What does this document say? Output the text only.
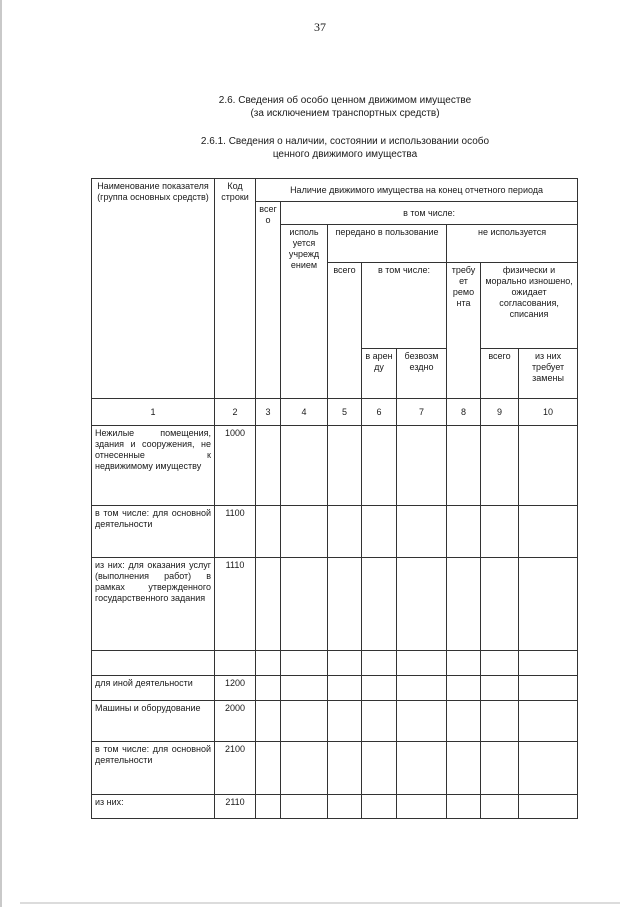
37
2.6. Сведения об особо ценном движимом имуществе
(за исключением транспортных средств)
2.6.1. Сведения о наличии, состоянии и использовании особо
ценного движимого имущества
Наименование показателя (группа основных средств)	Код строки	Наличие движимого имущества на конец отчетного периода							
		всег о	в том числе:						
			исполь уется учрежд ением	передано в пользование			не используется		
				всего	в том числе:		требу ет ремо нта	физически и морально изношено, ожидает согласования, списания	
					в арен ду	безвозм ездно		всего	из них требует замены

1	2	3	4	5	6	7	8	9	10
Нежилые помещения, здания и сооружения, не отнесенные к недвижимому имуществу	1000								
в том числе: для основной деятельности	1100								
из них: для оказания услуг (выполнения работ) в рамках утвержденного государственного задания	1110								

для иной деятельности	1200								
Машины и оборудование	2000								
в том числе: для основной деятельности	2100								
из них:	2110								
